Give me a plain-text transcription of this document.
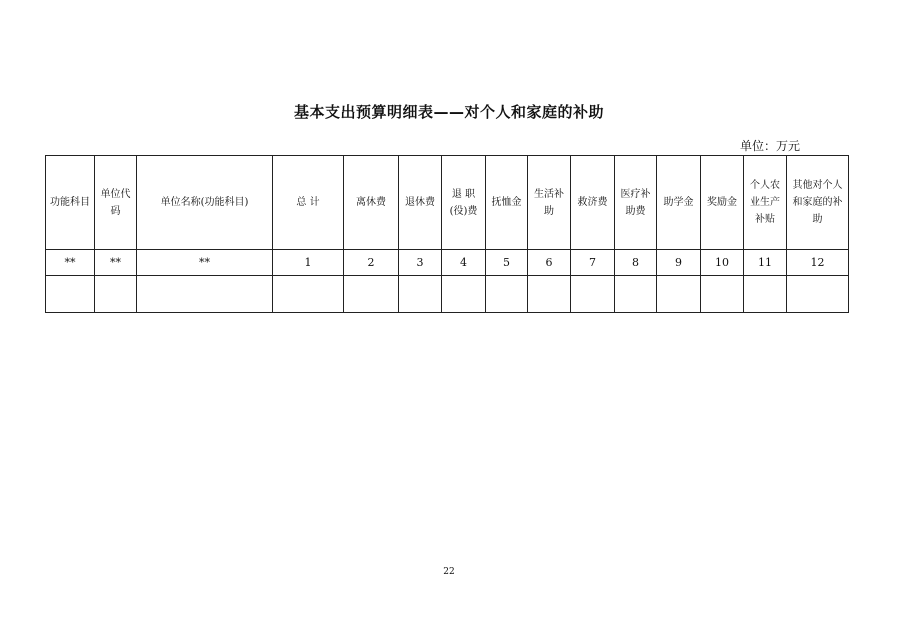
基本支出预算明细表——对个人和家庭的补助
单位：万元
功能科目	单位代码	单位名称(功能科目)	总 计	离休费	退休费	退 职(役)费	抚恤金	生活补助	救济费	医疗补助费	助学金	奖励金	个人农业生产补贴	其他对个人和家庭的补助
**	**	**	1	2	3	4	5	6	7	8	9	10	11	12

22
